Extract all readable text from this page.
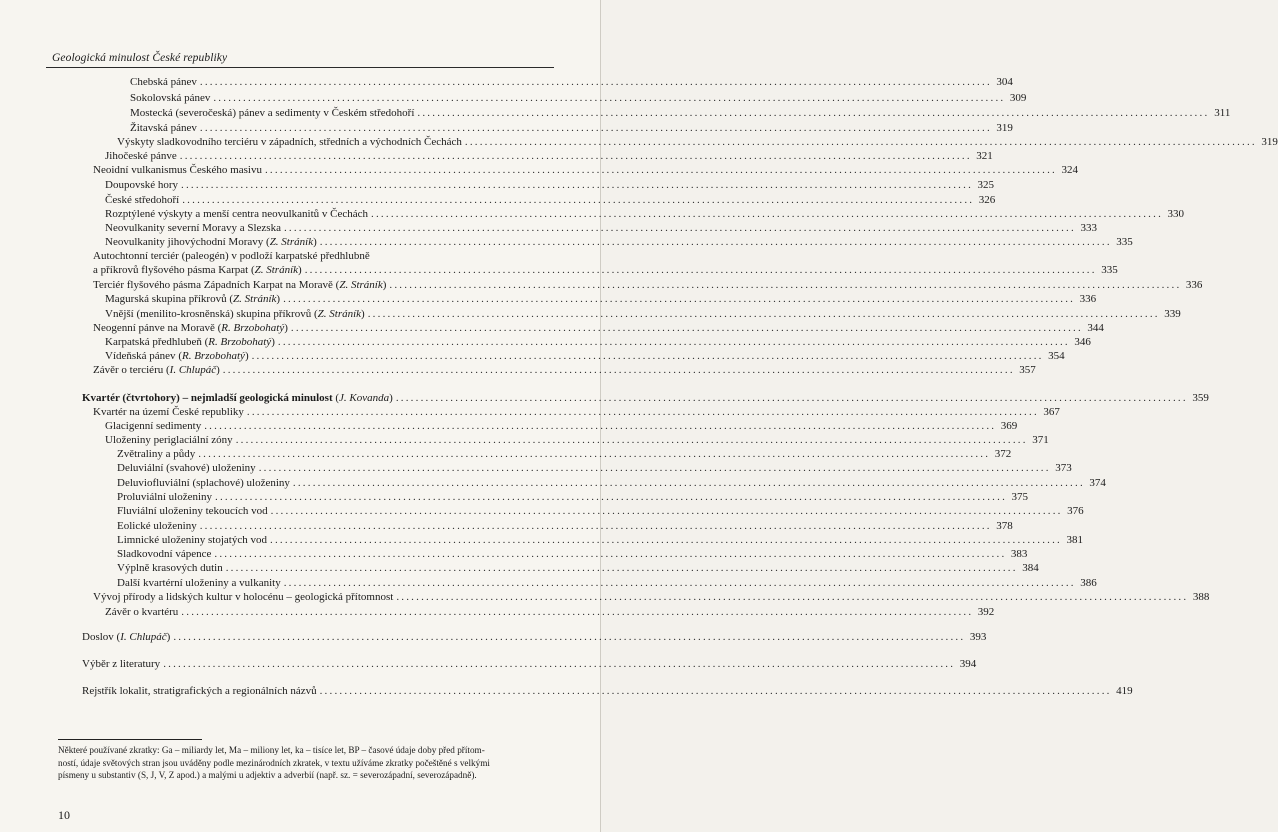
Geologická minulost České republiky
Chebská pánev ................................................................................................................................................................ 304
Sokolovská pánev ................................................................................................................................................................ 309
Mostecká (severočeská) pánev a sedimenty v Českém středohoří ................................................................................................................................................................ 311
Žitavská pánev ................................................................................................................................................................ 319
Výskyty sladkovodního terciéru v západních, středních a východních Čechách ................................................................................................................................................................ 319
Jihočeské pánve ................................................................................................................................................................ 321
Neoidní vulkanismus Českého masivu ................................................................................................................................................................ 324
Doupovské hory ................................................................................................................................................................ 325
České středohoří ................................................................................................................................................................ 326
Rozptýlené výskyty a menší centra neovulkanitů v Čechách ................................................................................................................................................................ 330
Neovulkanity severní Moravy a Slezska ................................................................................................................................................................ 333
Neovulkanity jihovýchodní Moravy (Z. Stráník) ................................................................................................................................................................ 335
Autochtonní terciér (paleogén) v podloží karpatské předhlubně
a příkrovů flyšového pásma Karpat (Z. Stráník) ................................................................................................................................................................ 335
Terciér flyšového pásma Západních Karpat na Moravě (Z. Stráník) ................................................................................................................................................................ 336
Magurská skupina příkrovů (Z. Stráník) ................................................................................................................................................................ 336
Vnější (menilito-krosněnská) skupina příkrovů (Z. Stráník) ................................................................................................................................................................ 339
Neogenní pánve na Moravě (R. Brzobohatý) ................................................................................................................................................................ 344
Karpatská předhlubeň (R. Brzobohatý) ................................................................................................................................................................ 346
Vídeňská pánev (R. Brzobohatý) ................................................................................................................................................................ 354
Závěr o terciéru (I. Chlupáč) ................................................................................................................................................................ 357
Kvartér (čtvrtohory) – nejmladší geologická minulost (J. Kovanda) ................................................................................................................................................................ 359
Kvartér na území České republiky ................................................................................................................................................................ 367
Glacigenní sedimenty ................................................................................................................................................................ 369
Uloženiny periglaciální zóny ................................................................................................................................................................ 371
Zvětraliny a půdy ................................................................................................................................................................ 372
Deluviální (svahové) uloženiny ................................................................................................................................................................ 373
Deluviofluviální (splachové) uloženiny ................................................................................................................................................................ 374
Proluviální uloženiny ................................................................................................................................................................ 375
Fluviální uloženiny tekoucích vod ................................................................................................................................................................ 376
Eolické uloženiny ................................................................................................................................................................ 378
Limnické uloženiny stojatých vod ................................................................................................................................................................ 381
Sladkovodní vápence ................................................................................................................................................................ 383
Výplně krasových dutin ................................................................................................................................................................ 384
Další kvartérní uloženiny a vulkanity ................................................................................................................................................................ 386
Vývoj přírody a lidských kultur v holocénu – geologická přítomnost ................................................................................................................................................................ 388
Závěr o kvartéru ................................................................................................................................................................ 392
Doslov (I. Chlupáč) ................................................................................................................................................................ 393
Výběr z literatury ................................................................................................................................................................ 394
Rejstřík lokalit, stratigrafických a regionálních názvů ................................................................................................................................................................ 419
Některé používané zkratky: Ga – miliardy let, Ma – miliony let, ka – tisíce let, BP – časové údaje doby před přítom-
ností, údaje světových stran jsou uváděny podle mezinárodních zkratek, v textu užíváme zkratky počeštěné s velkými
písmeny u substantiv (S, J, V, Z apod.) a malými u adjektiv a adverbií (např. sz. = severozápadní, severozápadně).
10
